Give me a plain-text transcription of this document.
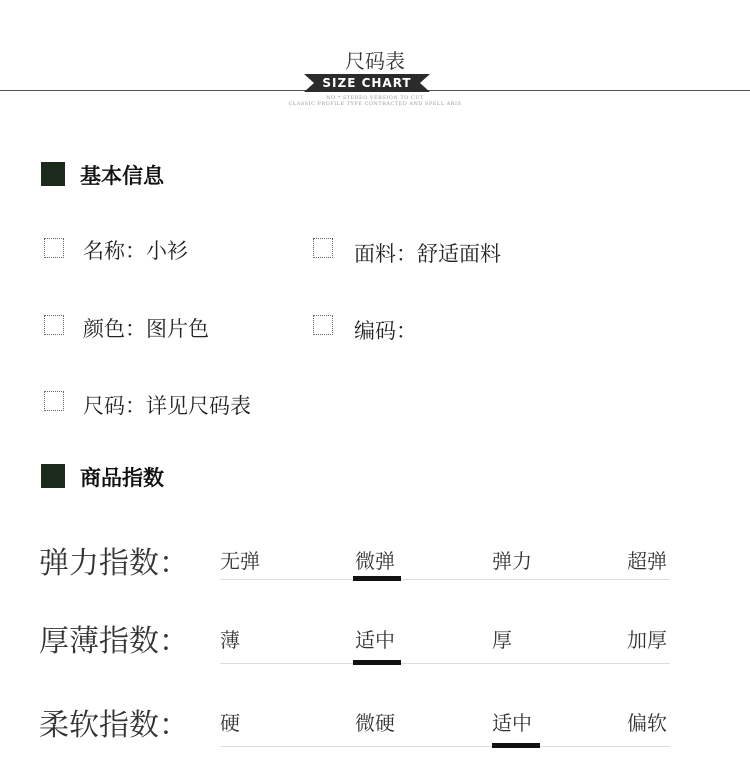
尺码表
SIZE CHART
NO * STEREO VERSION TO CUT
CLASSIC PROFILE TYPE CONTRACTED AND SPELL ARIS
基本信息
名称：小衫	面料：舒适面料
颜色：图片色	编码：
尺码：详见尺码表
商品指数
弹力指数： 无弹	微弹	弹力	超弹
厚薄指数： 薄	适中	厚	加厚
柔软指数： 硬	微硬	适中	偏软
